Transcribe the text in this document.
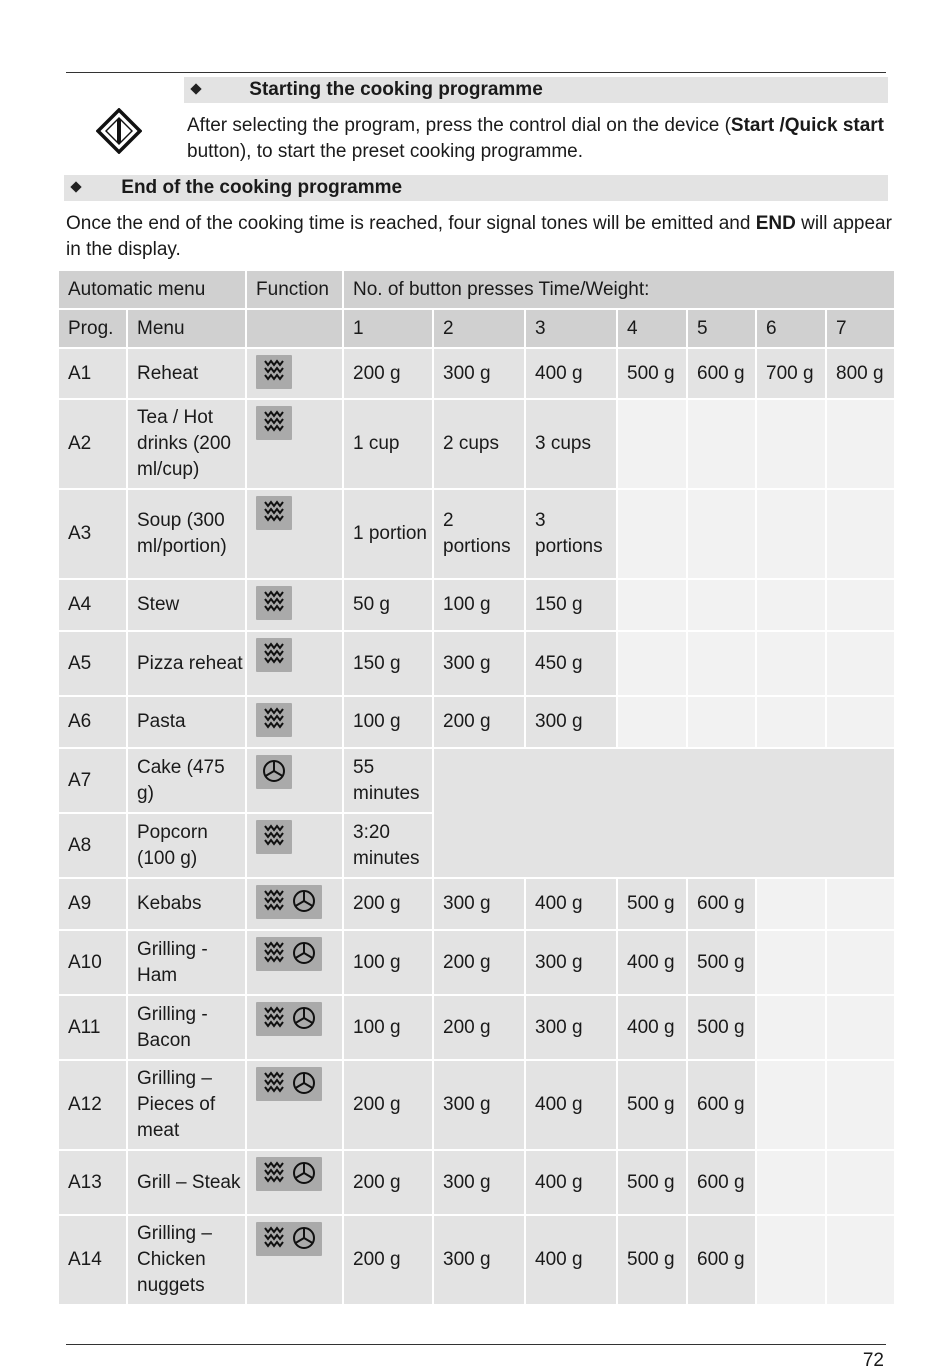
Starting the cooking programme
After selecting the program, press the control dial on the device (Start /Quick start button), to start the preset cooking programme.
End of the cooking programme
Once the end of the cooking time is reached, four signal tones will be emitted and END will appear in the display.
Automatic menu		Function	No. of button presses Time/Weight:						
Prog.	Menu		1	2	3	4	5	6	7
A1	Reheat		200 g	300 g	400 g	500 g	600 g	700 g	800 g
A2	Tea / Hot drinks (200 ml/cup)		1 cup	2 cups	3 cups				
A3	Soup (300 ml/portion)		1 portion	2 portions	3 portions				
A4	Stew		50 g	100 g	150 g				
A5	Pizza reheat		150 g	300 g	450 g				
A6	Pasta		100 g	200 g	300 g				
A7	Cake (475 g)		55 minutes						
A8	Popcorn (100 g)		3:20 minutes						
A9	Kebabs		200 g	300 g	400 g	500 g	600 g		
A10	Grilling - Ham		100 g	200 g	300 g	400 g	500 g		
A11	Grilling - Bacon		100 g	200 g	300 g	400 g	500 g		
A12	Grilling – Pieces of meat		200 g	300 g	400 g	500 g	600 g		
A13	Grill – Steak		200 g	300 g	400 g	500 g	600 g		
A14	Grilling – Chicken nuggets		200 g	300 g	400 g	500 g	600 g		
72
